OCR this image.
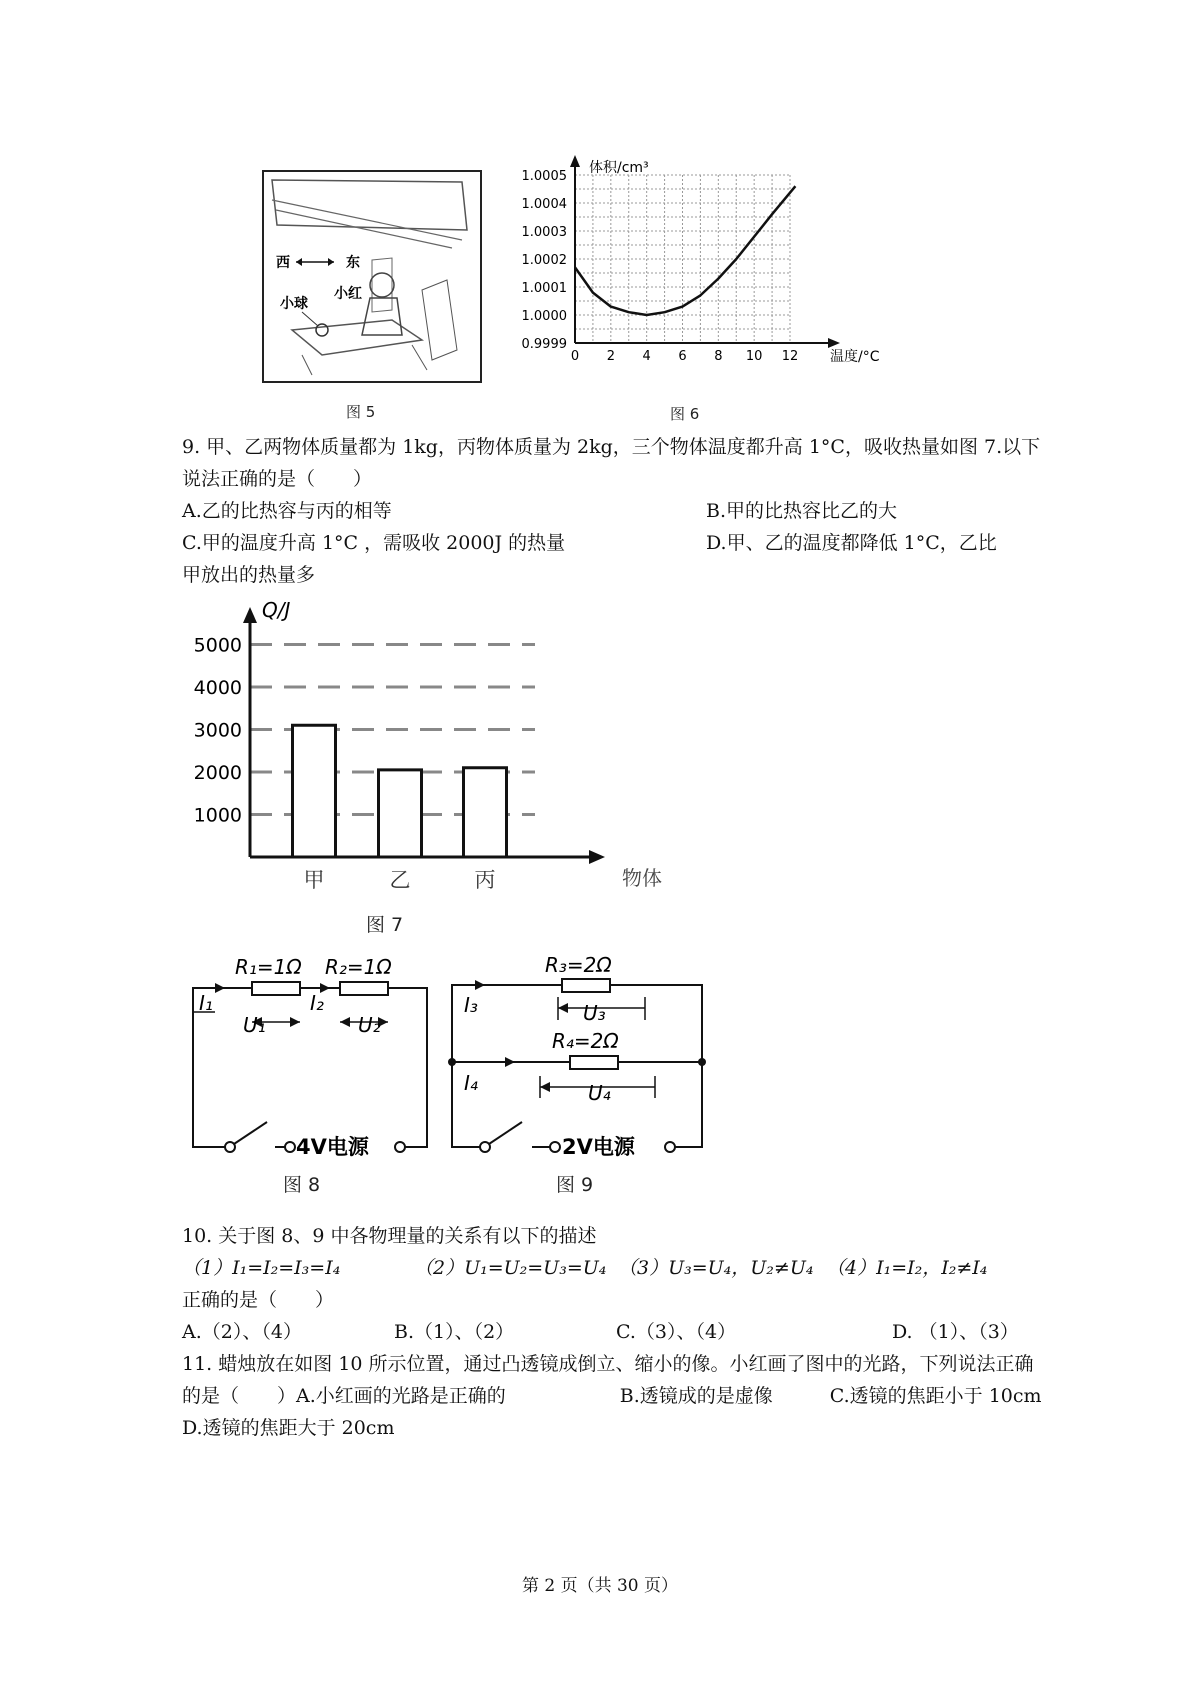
西	东
小球
小红
图 5
0 2 4 6 8 10 12
0.9999
1.0000
1.0001
1.0002
1.0003
1.0004
1.0005
体积/cm³
温度/°C
图 6
9. 甲、乙两物体质量都为 1kg，丙物体质量为 2kg，三个物体温度都升高 1°C，吸收热量如图 7.以下说法正确的是（　　）
A.乙的比热容与丙的相等	B.甲的比热容比乙的大
C.甲的温度升高 1°C ，需吸收 2000J 的热量	D.甲、乙的温度都降低 1°C，乙比
甲放出的热量多
1000
2000
3000
4000
5000
Q/J
物体
甲	乙	丙
图 7
R₁=1Ω R₂=1Ω
I₁	I₂
U₁	U₂
4V电源
图 8
R₃=2Ω
R₄=2Ω
I₃
I₄
U₃
U₄
2V电源
图 9
10. 关于图 8、9 中各物理量的关系有以下的描述
（1）I₁=I₂=I₃=I₄	（2）U₁=U₂=U₃=U₄ （3）U₃=U₄，U₂≠U₄ （4）I₁=I₂，I₂≠I₄
正确的是（　　）
A.（2）、（4）	B.（1）、（2）	C.（3）、（4）	D. （1）、（3）
11. 蜡烛放在如图 10 所示位置，通过凸透镜成倒立、缩小的像。小红画了图中的光路，下列说法正确的是（　　）A.小红画的光路是正确的　　　　　　B.透镜成的是虚像　　　C.透镜的焦距小于 10cm　　　D.透镜的焦距大于 20cm
第 2 页（共 30 页）
